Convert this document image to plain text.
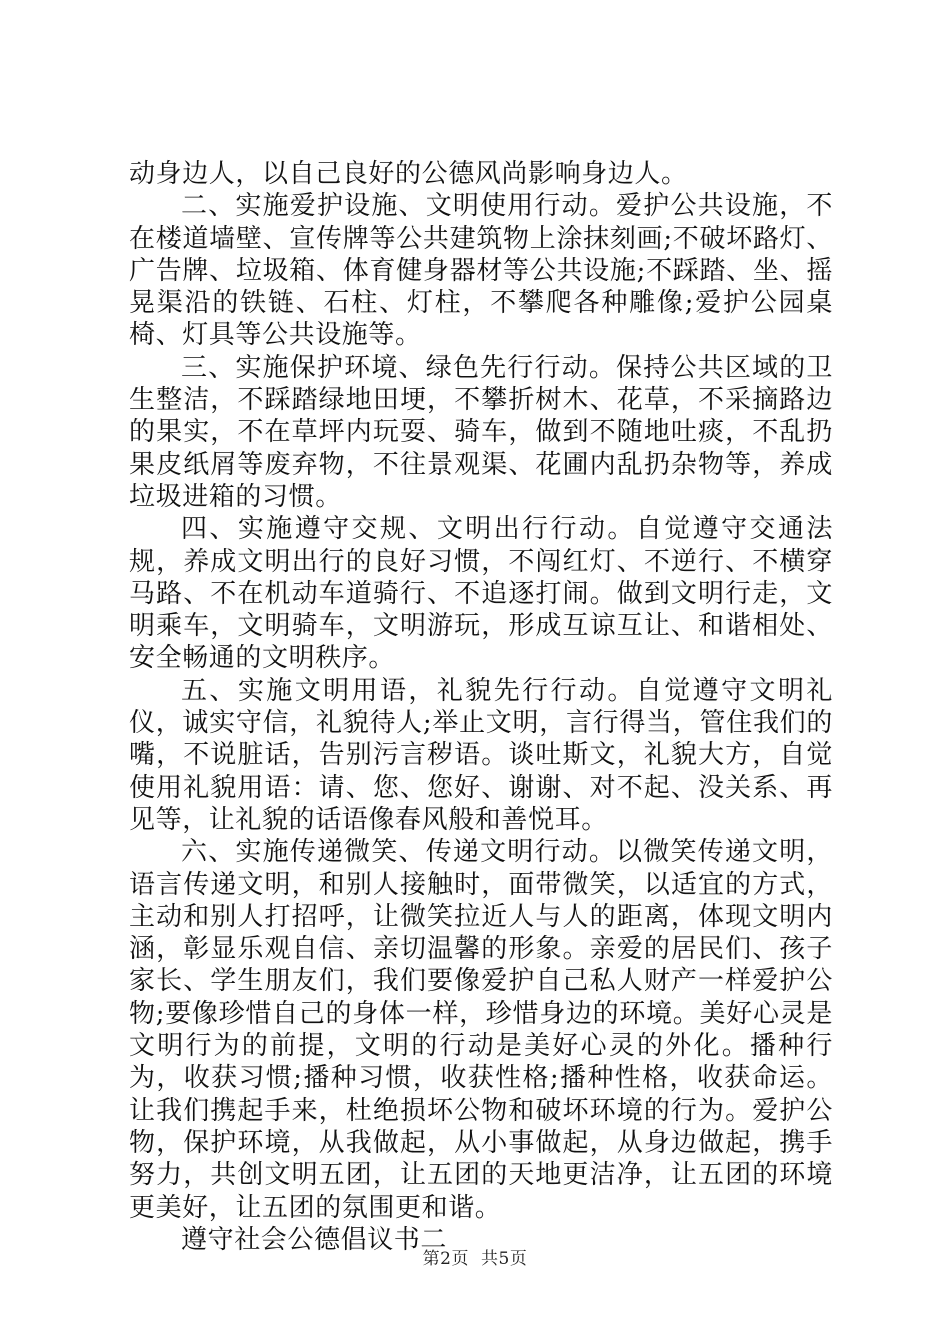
动身边人，以自己良好的公德风尚影响身边人。

二、实施爱护设施、文明使用行动。爱护公共设施，不在楼道墙壁、宣传牌等公共建筑物上涂抹刻画;不破坏路灯、广告牌、垃圾箱、体育健身器材等公共设施;不踩踏、坐、摇晃渠沿的铁链、石柱、灯柱，不攀爬各种雕像;爱护公园桌椅、灯具等公共设施等。

三、实施保护环境、绿色先行行动。保持公共区域的卫生整洁，不踩踏绿地田埂，不攀折树木、花草，不采摘路边的果实，不在草坪内玩耍、骑车，做到不随地吐痰，不乱扔果皮纸屑等废弃物，不往景观渠、花圃内乱扔杂物等，养成垃圾进箱的习惯。

四、实施遵守交规、文明出行行动。自觉遵守交通法规，养成文明出行的良好习惯，不闯红灯、不逆行、不横穿马路、不在机动车道骑行、不追逐打闹。做到文明行走，文明乘车，文明骑车，文明游玩，形成互谅互让、和谐相处、安全畅通的文明秩序。

五、实施文明用语，礼貌先行行动。自觉遵守文明礼仪，诚实守信，礼貌待人;举止文明，言行得当，管住我们的嘴，不说脏话，告别污言秽语。谈吐斯文，礼貌大方，自觉使用礼貌用语：请、您、您好、谢谢、对不起、没关系、再见等，让礼貌的话语像春风般和善悦耳。

六、实施传递微笑、传递文明行动。以微笑传递文明，语言传递文明，和别人接触时，面带微笑，以适宜的方式，主动和别人打招呼，让微笑拉近人与人的距离，体现文明内涵，彰显乐观自信、亲切温馨的形象。亲爱的居民们、孩子家长、学生朋友们，我们要像爱护自己私人财产一样爱护公物;要像珍惜自己的身体一样，珍惜身边的环境。美好心灵是文明行为的前提，文明的行动是美好心灵的外化。播种行为，收获习惯;播种习惯，收获性格;播种性格，收获命运。让我们携起手来，杜绝损坏公物和破坏环境的行为。爱护公物，保护环境，从我做起，从小事做起，从身边做起，携手努力，共创文明五团，让五团的天地更洁净，让五团的环境更美好，让五团的氛围更和谐。

遵守社会公德倡议书二

第2页 共5页
